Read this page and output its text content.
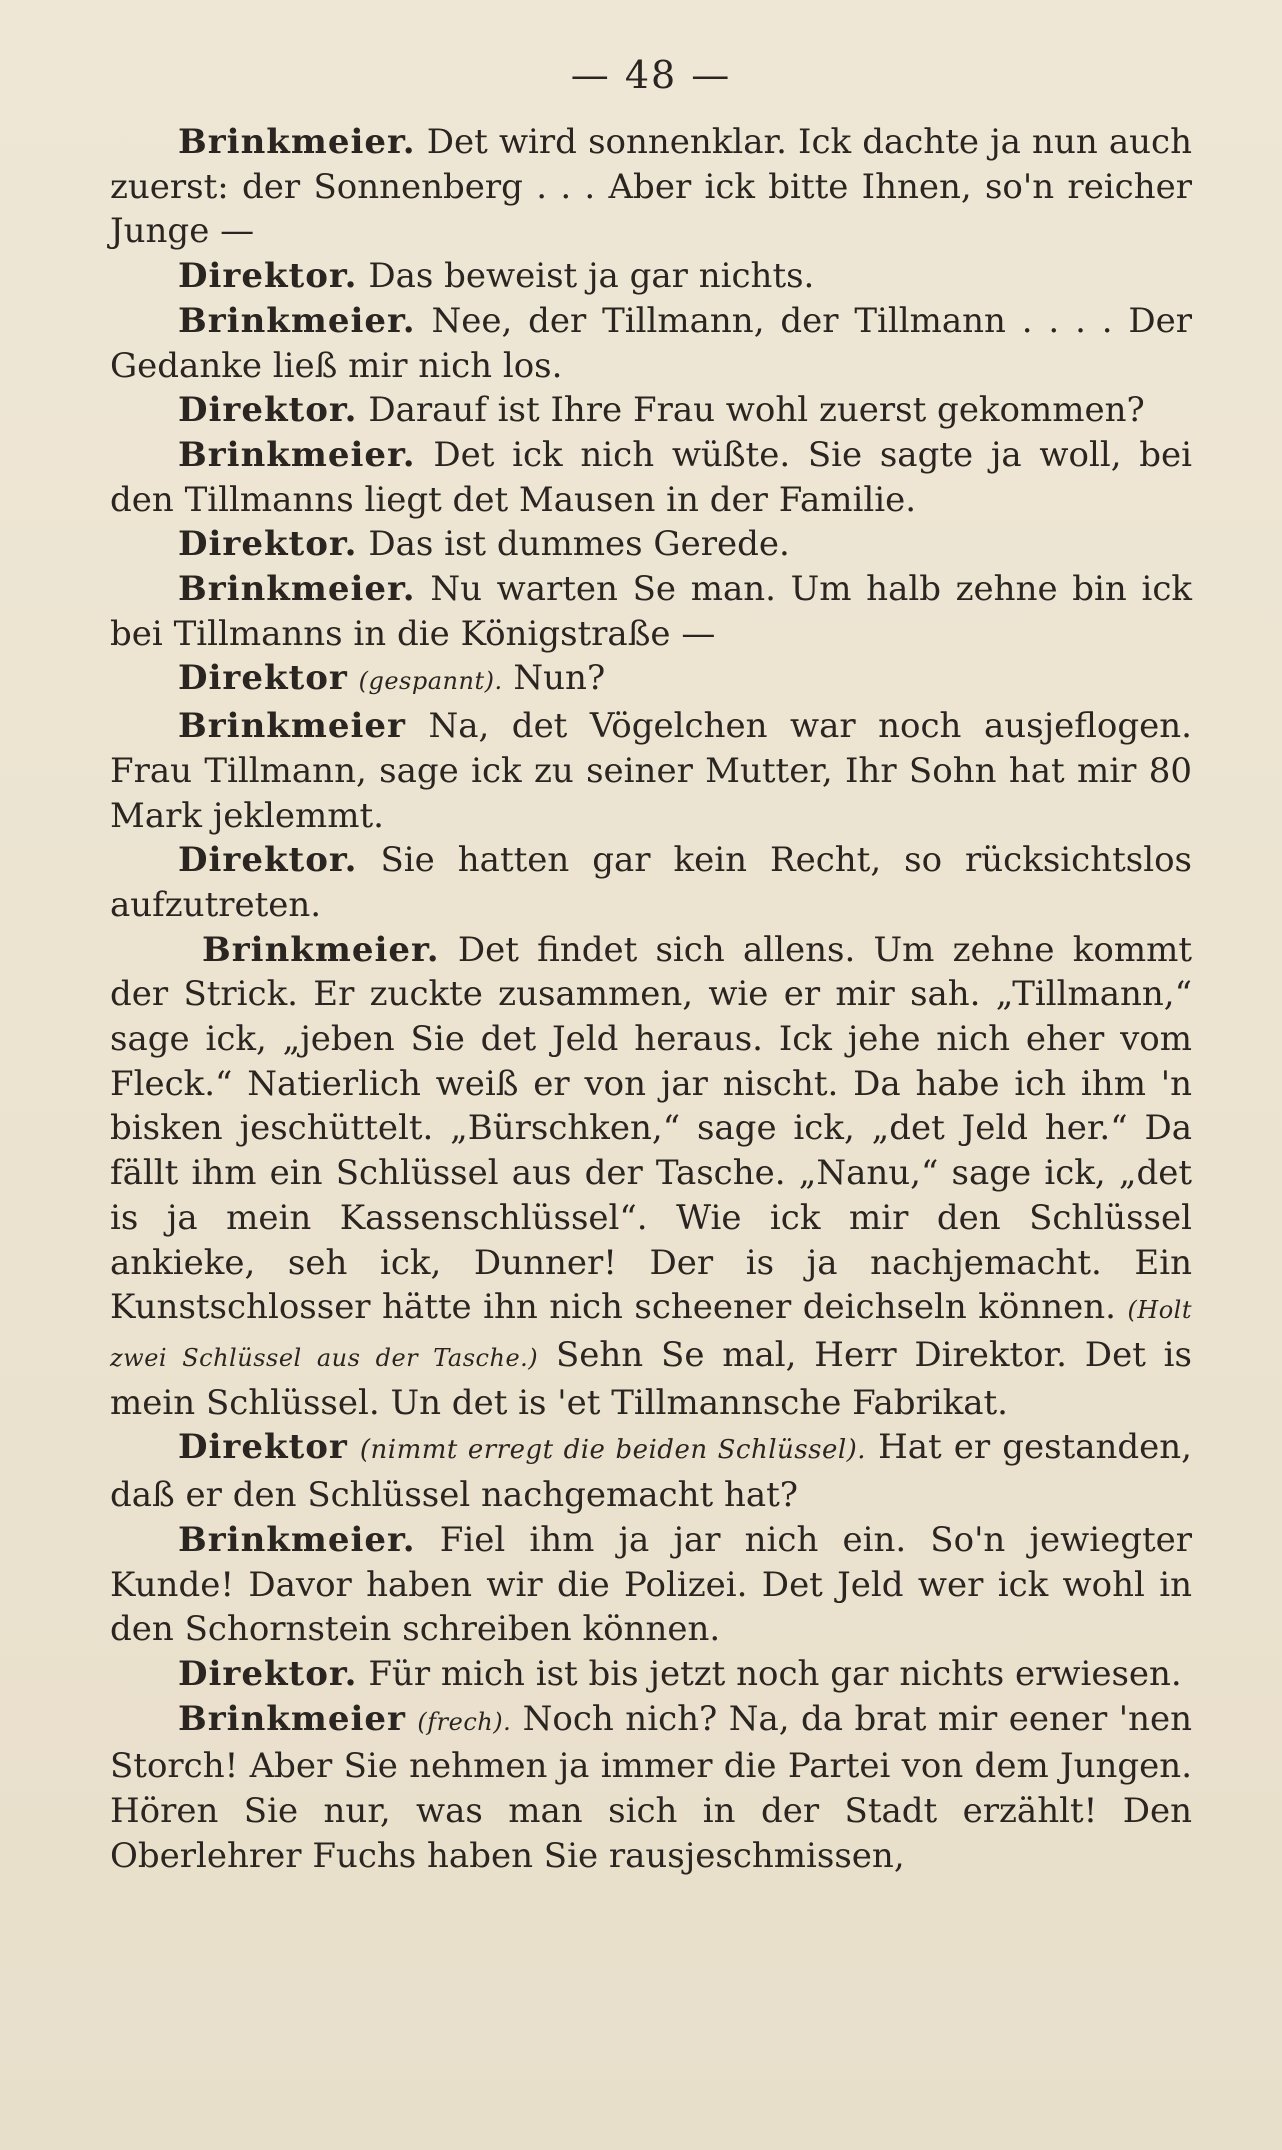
— 48 —

Brinkmeier. Det wird sonnenklar. Ick dachte ja nun auch zuerst: der Sonnenberg . . . Aber ick bitte Ihnen, so'n reicher Junge —

Direktor. Das beweist ja gar nichts.

Brinkmeier. Nee, der Tillmann, der Tillmann . . . . Der Gedanke ließ mir nich los.

Direktor. Darauf ist Ihre Frau wohl zuerst gekommen?

Brinkmeier. Det ick nich wüßte. Sie sagte ja woll, bei den Tillmanns liegt det Mausen in der Familie.

Direktor. Das ist dummes Gerede.

Brinkmeier. Nu warten Se man. Um halb zehne bin ick bei Tillmanns in die Königstraße —

Direktor (gespannt). Nun?

Brinkmeier Na, det Vögelchen war noch ausjeflogen. Frau Tillmann, sage ick zu seiner Mutter, Ihr Sohn hat mir 80 Mark jeklemmt.

Direktor. Sie hatten gar kein Recht, so rücksichtslos aufzutreten.

Brinkmeier. Det findet sich allens. Um zehne kommt der Strick. Er zuckte zusammen, wie er mir sah. „Tillmann,“ sage ick, „jeben Sie det Jeld heraus. Ick jehe nich eher vom Fleck.“ Natierlich weiß er von jar nischt. Da habe ich ihm 'n bisken jeschüttelt. „Bürschken,“ sage ick, „det Jeld her.“ Da fällt ihm ein Schlüssel aus der Tasche. „Nanu,“ sage ick, „det is ja mein Kassenschlüssel“. Wie ick mir den Schlüssel ankieke, seh ick, Dunner! Der is ja nachjemacht. Ein Kunstschlosser hätte ihn nich scheener deichseln können. (Holt zwei Schlüssel aus der Tasche.) Sehn Se mal, Herr Direktor. Det is mein Schlüssel. Un det is 'et Tillmannsche Fabrikat.

Direktor (nimmt erregt die beiden Schlüssel). Hat er gestanden, daß er den Schlüssel nachgemacht hat?

Brinkmeier. Fiel ihm ja jar nich ein. So'n jewiegter Kunde! Davor haben wir die Polizei. Det Jeld wer ick wohl in den Schornstein schreiben können.

Direktor. Für mich ist bis jetzt noch gar nichts erwiesen.

Brinkmeier (frech). Noch nich? Na, da brat mir eener 'nen Storch! Aber Sie nehmen ja immer die Partei von dem Jungen. Hören Sie nur, was man sich in der Stadt erzählt! Den Oberlehrer Fuchs haben Sie rausjeschmissen,
